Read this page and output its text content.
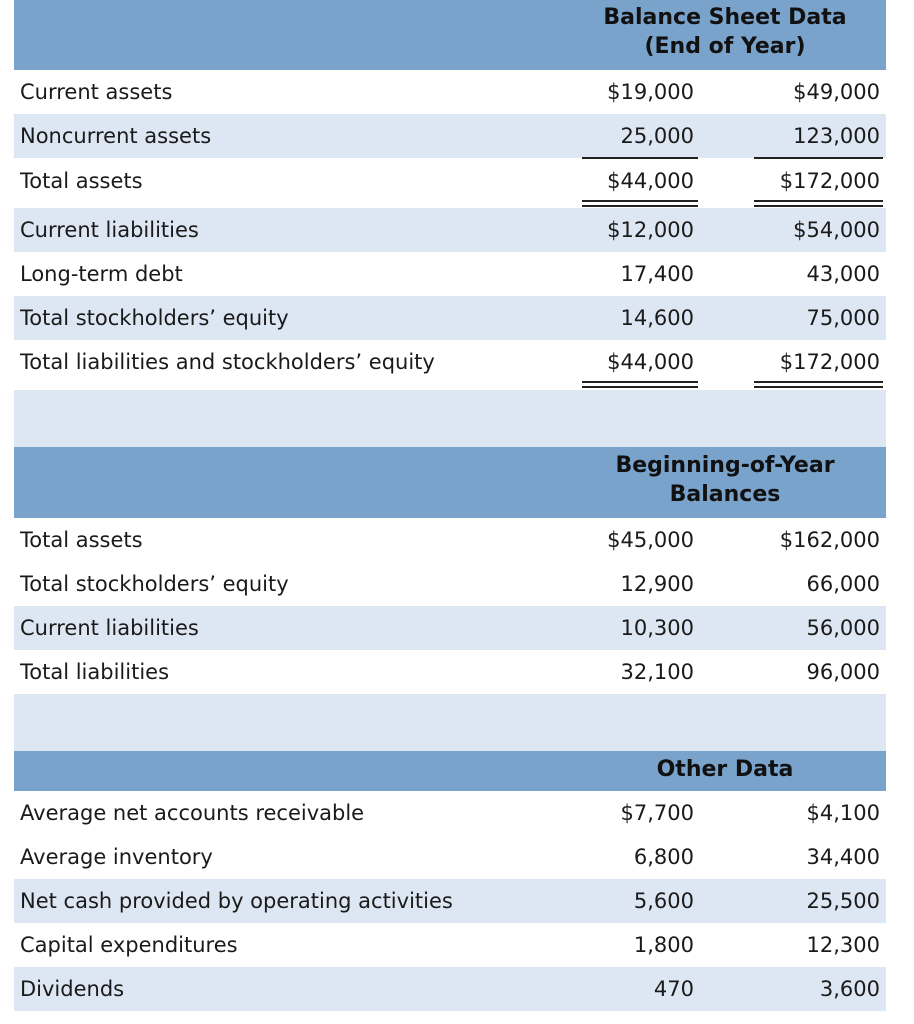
Balance Sheet Data
(End of Year)
Current assets	$19,000	$49,000
Noncurrent assets	25,000	123,000
Total assets	$44,000	$172,000
Current liabilities	$12,000	$54,000
Long-term debt	17,400	43,000
Total stockholders’ equity	14,600	75,000
Total liabilities and stockholders’ equity	$44,000	$172,000
Beginning-of-Year
Balances
Total assets	$45,000	$162,000
Total stockholders’ equity	12,900	66,000
Current liabilities	10,300	56,000
Total liabilities	32,100	96,000
Other Data
Average net accounts receivable	$7,700	$4,100
Average inventory	6,800	34,400
Net cash provided by operating activities	5,600	25,500
Capital expenditures	1,800	12,300
Dividends	470	3,600
